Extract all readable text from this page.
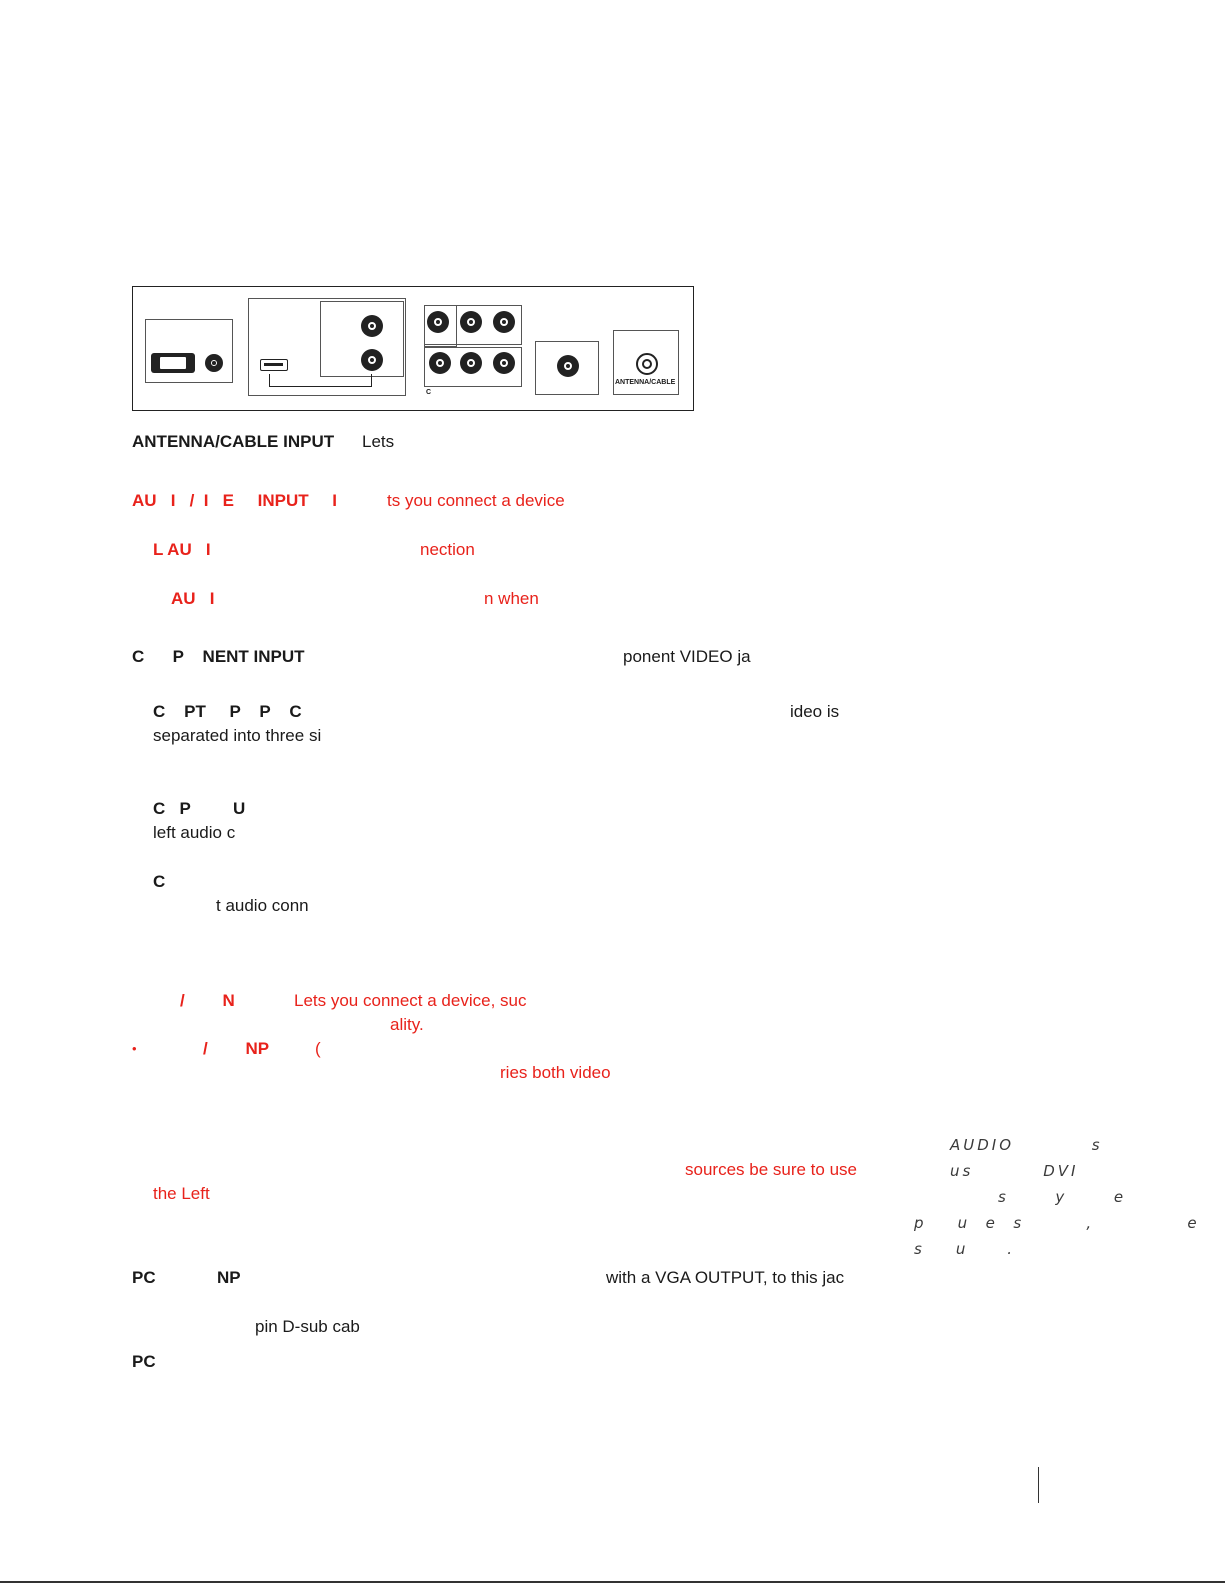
C
ANTENNA/CABLE
ANTENNA/CABLE INPUT Lets
AU   I   /  I   E     INPUT     I	ts you connect a device
L AU   I	nection
AU   I	n when
C      P    NENT INPUT	ponent VIDEO ja
C    PT     P    P    C	ideo is
separated into three si
C   P         U
left audio c
C
t audio conn
/        N	Lets you connect a device, suc
ality.
•	/        NP	(
ries both video
sources be sure to use
the Left
AUDIO          s
us         DVI
s      y      e
p    u  e  s        ,            e
s    u     .
PC             NP	with a VGA OUTPUT, to this jac
pin D-sub cab
PC
